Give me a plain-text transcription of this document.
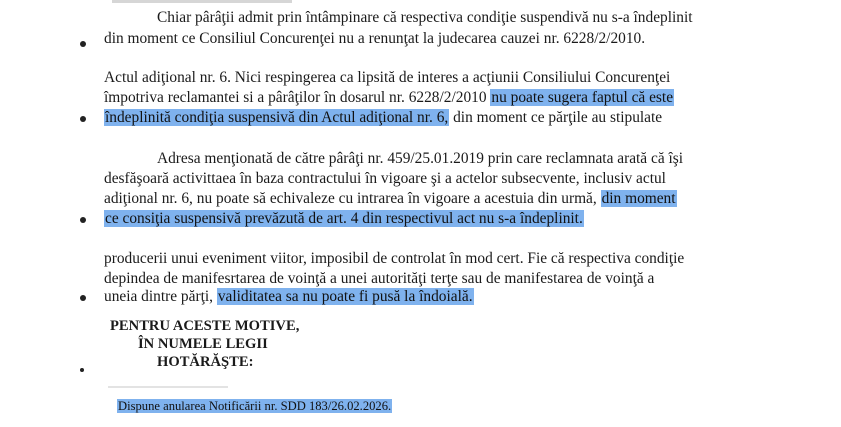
Chiar pârâţii admit prin întâmpinare că respectiva condiţie suspendivă nu s-a îndeplinit
din moment ce Consiliul Concurenţei nu a renunţat la judecarea cauzei nr. 6228/2/2010.
Actul adiţional nr. 6. Nici respingerea ca lipsită de interes a acţiunii Consiliului Concurenţei
împotriva reclamantei si a pârâţilor în dosarul nr. 6228/2/2010 nu poate sugera faptul că este
îndeplinită condiţia suspensivă din Actul adiţional nr. 6, din moment ce părţile au stipulate
Adresa menţionată de către pârâţi nr. 459/25.01.2019 prin care reclamnata arată că îşi
desfăşoară activittaea în baza contractului în vigoare şi a actelor subsecvente, inclusiv actul
adiţional nr. 6, nu poate să echivaleze cu intrarea în vigoare a acestuia din urmă, din moment
ce consiţia suspensivă prevăzută de art. 4 din respectivul act nu s-a îndeplinit.
producerii unui eveniment viitor, imposibil de controlat în mod cert. Fie că respectiva condiţie
depindea de manifesrtarea de voinţă a unei autorităţi terţe sau de manifestarea de voinţă a
uneia dintre părţi, validitatea sa nu poate fi pusă la îndoială.
PENTRU ACESTE MOTIVE,
ÎN NUMELE LEGII
HOTĂRĂŞTE:
Dispune anularea Notificării nr. SDD 183/26.02.2026.
